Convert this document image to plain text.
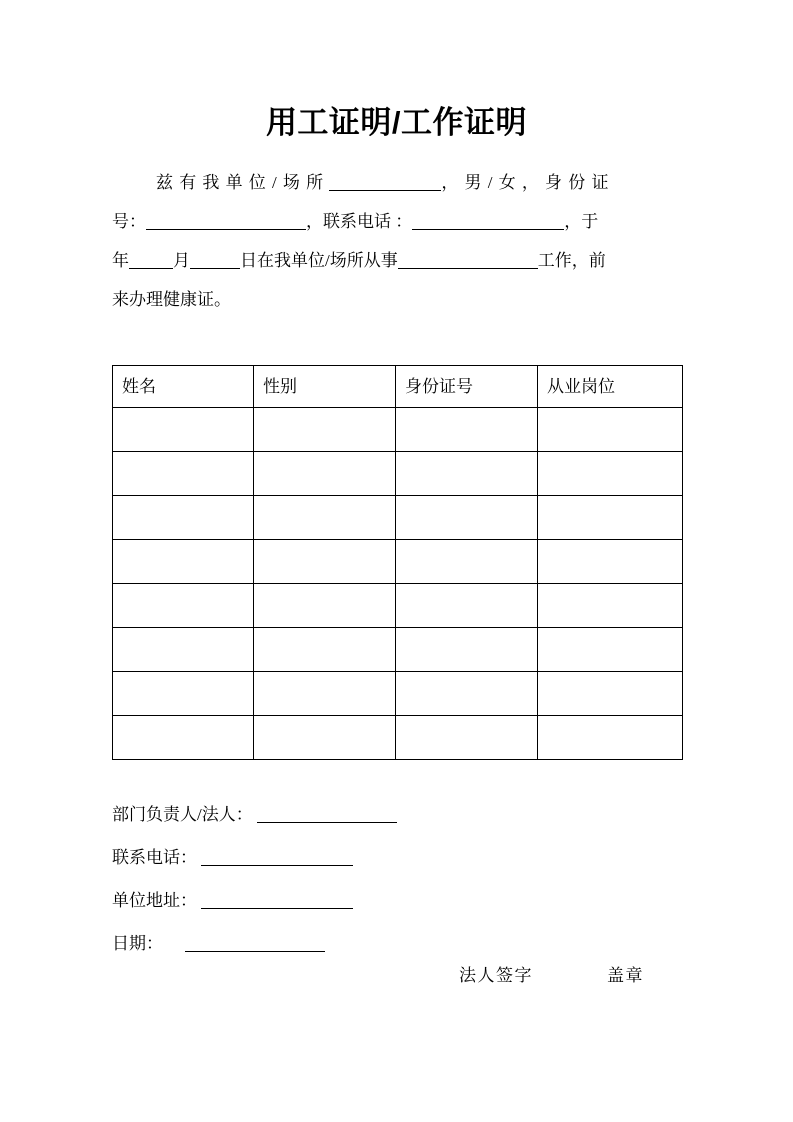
用工证明/工作证明
兹有我单位/场所	，男/女，身份证
号：	，联系电话 ：	，于
年	月	日在我单位/场所从事	工作，前
来办理健康证。
姓名	性别	身份证号	从业岗位

部门负责人/法人：
联系电话：
单位地址：
日期：
法人签字	盖章
